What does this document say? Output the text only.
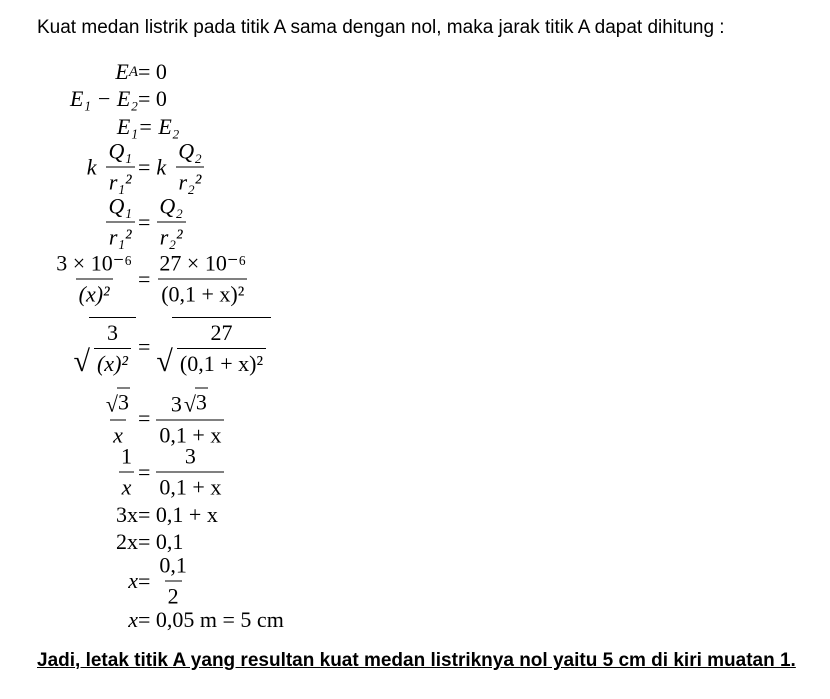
Kuat medan listrik pada titik A sama dengan nol, maka jarak titik A dapat dihitung :
E A = 0
E₁ − E₂ = 0
E₁ = E₂
k $\frac{\text{Q₁}}{\text{r₁²}} = k \frac{\text{Q₂}}{\text{r₂²}}$
$\frac{\text{Q₁}}{\text{r₁²}} = \frac{\text{Q₂}}{\text{r₂²}}$
$\frac{\text{3 × 10⁻⁶}}{\text{(x)²}} = \frac{\text{27 × 10⁻⁶}}{\text{(0,1 + x)²}}$
√ $\frac{3}{\text{(x)²}}$ = √ $\frac{27}{\text{(0,1 + x)²}}$
$\frac{√ 3}{x} = \frac{3 √ 3}{0,1 + x}$
$\frac{1}{x} = \frac{3}{0,1 + x}$
3x = 0,1 + x
2x = 0,1
$x = \frac{0,1}{2}$
x = 0,05 m = 5 cm
Jadi, letak titik A yang resultan kuat medan listriknya nol yaitu 5 cm di kiri muatan 1.
